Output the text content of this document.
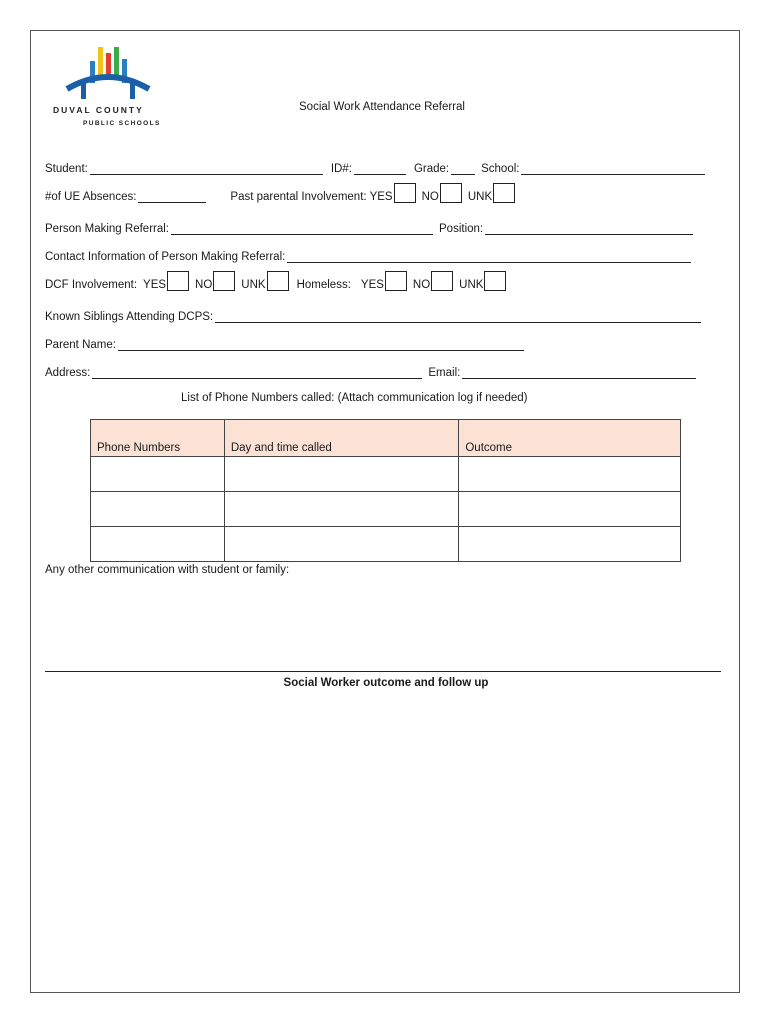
DUVAL COUNTY
PUBLIC SCHOOLS
Social Work Attendance Referral
Student:	ID#:	Grade:	School:
#of UE Absences:	Past parental Involvement: YES	NO	UNK
Person Making Referral:	Position:
Contact Information of Person Making Referral:
DCF Involvement: YES	NO	UNK	Homeless: YES	NO	UNK
Known Siblings Attending DCPS:
Parent Name:
Address:	Email:
List of Phone Numbers called: (Attach communication log if needed)
Phone Numbers	Day and time called	Outcome

Any other communication with student or family:
Social Worker outcome and follow up
